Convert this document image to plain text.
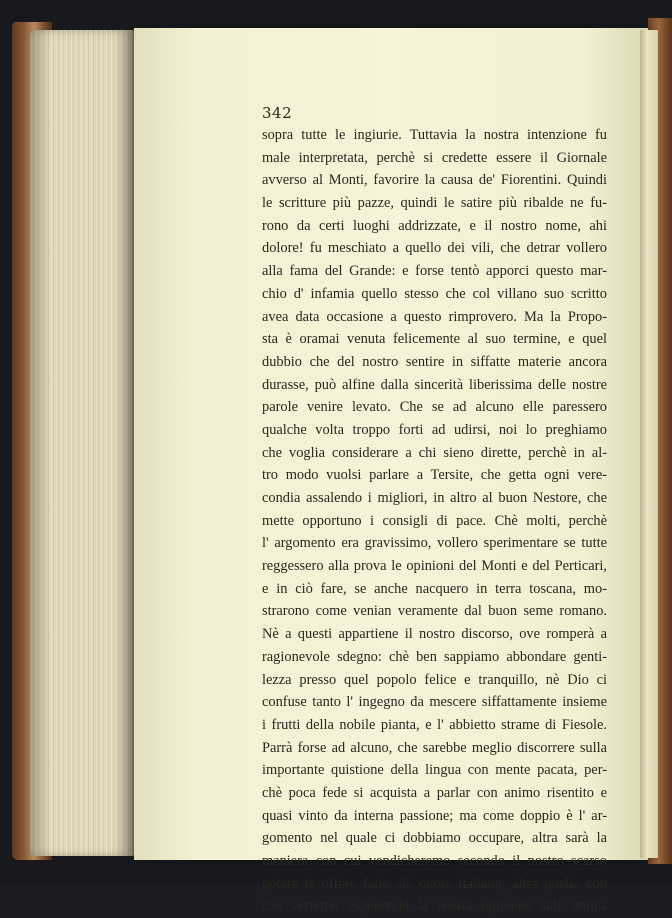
342
sopra tutte le ingiurie. Tuttavia la nostra intenzione fu
male interpretata, perchè si credette essere il Giornale
avverso al Monti, favorire la causa de' Fiorentini. Quindi
le scritture più pazze, quindi le satire più ribalde ne fu-
rono da certi luoghi addrizzate, e il nostro nome, ahi
dolore! fu meschiato a quello dei vili, che detrar vollero
alla fama del Grande: e forse tentò apporci questo mar-
chio d' infamia quello stesso che col villano suo scritto
avea data occasione a questo rimprovero. Ma la Propo-
sta è oramai venuta felicemente al suo termine, e quel
dubbio che del nostro sentire in siffatte materie ancora
durasse, può alfine dalla sincerità liberissima delle nostre
parole venire levato. Che se ad alcuno elle paressero
qualche volta troppo forti ad udirsi, noi lo preghiamo
che voglia considerare a chi sieno dirette, perchè in al-
tro modo vuolsi parlare a Tersite, che getta ogni vere-
condia assalendo i migliori, in altro al buon Nestore, che
mette opportuno i consigli di pace. Chè molti, perchè
l' argomento era gravissimo, vollero sperimentare se tutte
reggessero alla prova le opinioni del Monti e del Perticari,
e in ciò fare, se anche nacquero in terra toscana, mo-
strarono come venian veramente dal buon seme romano.
Nè a questi appartiene il nostro discorso, ove romperà a
ragionevole sdegno: chè ben sappiamo abbondare genti-
lezza presso quel popolo felice e tranquillo, nè Dio ci
confuse tanto l' ingegno da mescere siffattamente insieme
i frutti della nobile pianta, e l' abbietto strame di Fiesole.
Parrà forse ad alcuno, che sarebbe meglio discorrere sulla
importante quistione della lingua con mente pacata, per-
chè poca fede si acquista a parlar con animo risentito e
quasi vinto da interna passione; ma come doppio è l' ar-
gomento nel quale ci dobbiamo occupare, altra sarà la
maniera con cui vendicheremo secondo il nostro scarso
potere le offese fatte all' onore italiano, altra quella con
che verremo esponendo la nostra opinione sull' antica
